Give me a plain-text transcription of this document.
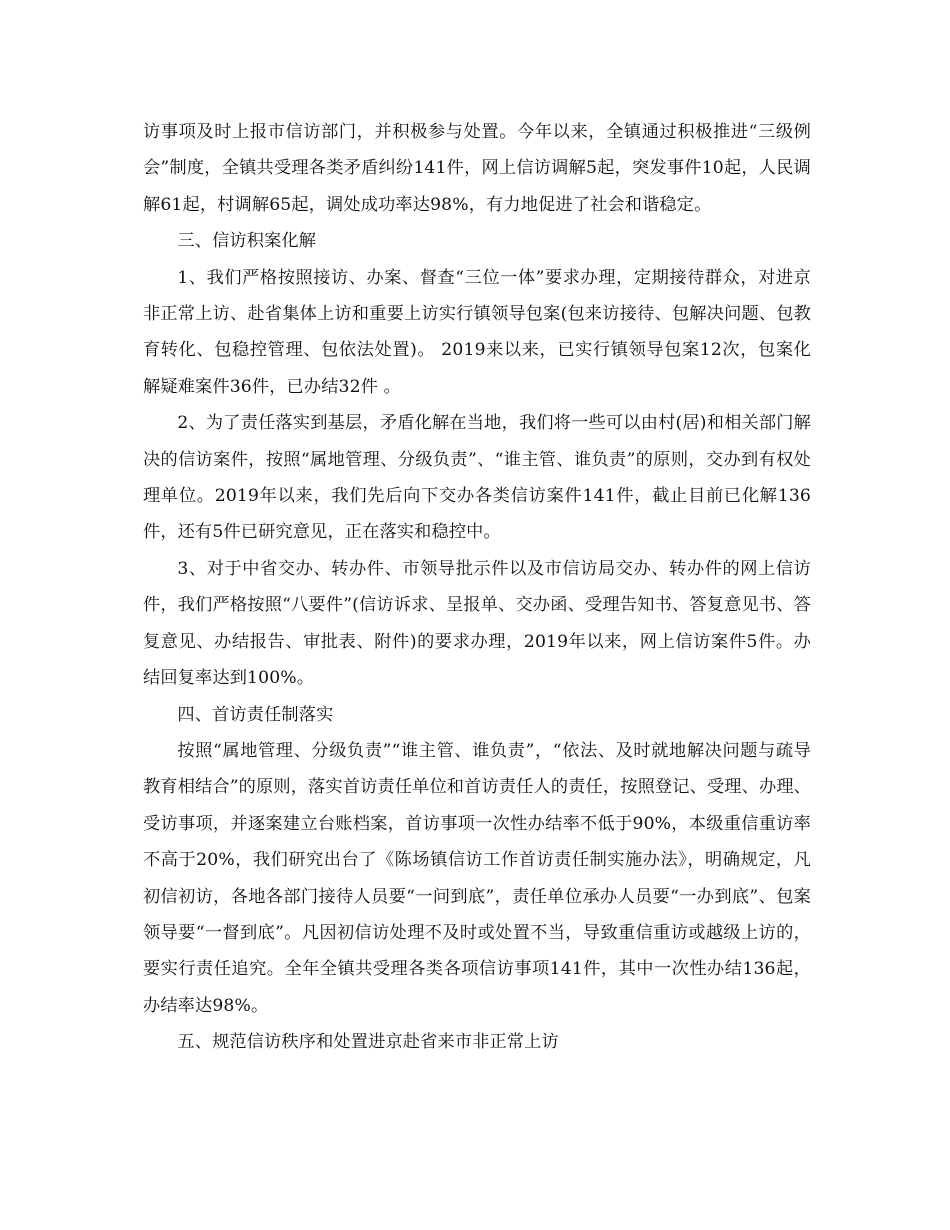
访事项及时上报市信访部门，并积极参与处置。今年以来，全镇通过积极推进“三级例会”制度，全镇共受理各类矛盾纠纷141件，网上信访调解5起，突发事件10起，人民调解61起，村调解65起，调处成功率达98%，有力地促进了社会和谐稳定。

三、信访积案化解

1、我们严格按照接访、办案、督查“三位一体”要求办理，定期接待群众，对进京非正常上访、赴省集体上访和重要上访实行镇领导包案(包来访接待、包解决问题、包教育转化、包稳控管理、包依法处置)。 2019来以来，已实行镇领导包案12次，包案化解疑难案件36件，已办结32件 。

2、为了责任落实到基层，矛盾化解在当地，我们将一些可以由村(居)和相关部门解决的信访案件，按照“属地管理、分级负责”、“谁主管、谁负责”的原则，交办到有权处理单位。2019年以来，我们先后向下交办各类信访案件141件，截止目前已化解136件，还有5件已研究意见，正在落实和稳控中。

3、对于中省交办、转办件、市领导批示件以及市信访局交办、转办件的网上信访件，我们严格按照“八要件”(信访诉求、呈报单、交办函、受理告知书、答复意见书、答复意见、办结报告、审批表、附件)的要求办理，2019年以来，网上信访案件5件。办结回复率达到100%。

四、首访责任制落实

按照“属地管理、分级负责”“谁主管、谁负责”，“依法、及时就地解决问题与疏导教育相结合”的原则，落实首访责任单位和首访责任人的责任，按照登记、受理、办理、受访事项，并逐案建立台账档案，首访事项一次性办结率不低于90%，本级重信重访率不高于20%，我们研究出台了《陈场镇信访工作首访责任制实施办法》，明确规定，凡初信初访，各地各部门接待人员要“一问到底”，责任单位承办人员要“一办到底”、包案领导要“一督到底”。凡因初信访处理不及时或处置不当，导致重信重访或越级上访的，要实行责任追究。全年全镇共受理各类各项信访事项141件，其中一次性办结136起，办结率达98%。

五、规范信访秩序和处置进京赴省来市非正常上访
